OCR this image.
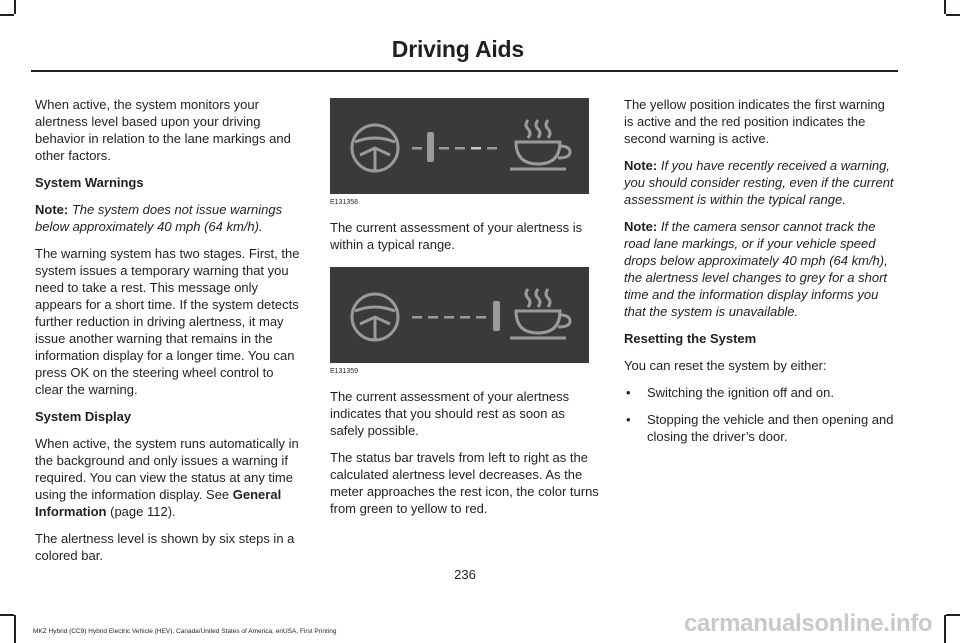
Driving Aids

When active, the system monitors your alertness level based upon your driving behavior in relation to the lane markings and other factors.

System Warnings

Note: The system does not issue warnings below approximately 40 mph (64 km/h).

The warning system has two stages. First, the system issues a temporary warning that you need to take a rest. This message only appears for a short time. If the system detects further reduction in driving alertness, it may issue another warning that remains in the information display for a longer time. You can press OK on the steering wheel control to clear the warning.

System Display

When active, the system runs automatically in the background and only issues a warning if required. You can view the status at any time using the information display. See General Information (page 112).

The alertness level is shown by six steps in a colored bar.

E131358

The current assessment of your alertness is within a typical range.

E131359

The current assessment of your alertness indicates that you should rest as soon as safely possible.

The status bar travels from left to right as the calculated alertness level decreases. As the meter approaches the rest icon, the color turns from green to yellow to red.

The yellow position indicates the first warning is active and the red position indicates the second warning is active.

Note: If you have recently received a warning, you should consider resting, even if the current assessment is within the typical range.

Note: If the camera sensor cannot track the road lane markings, or if your vehicle speed drops below approximately 40 mph (64 km/h), the alertness level changes to grey for a short time and the information display informs you that the system is unavailable.

Resetting the System

You can reset the system by either:

• Switching the ignition off and on.
• Stopping the vehicle and then opening and closing the driver’s door.
236
MKZ Hybrid (CC9) Hybrid Electric Vehicle (HEV), Canada/United States of America, enUSA, First Printing	carmanualsonline.info
